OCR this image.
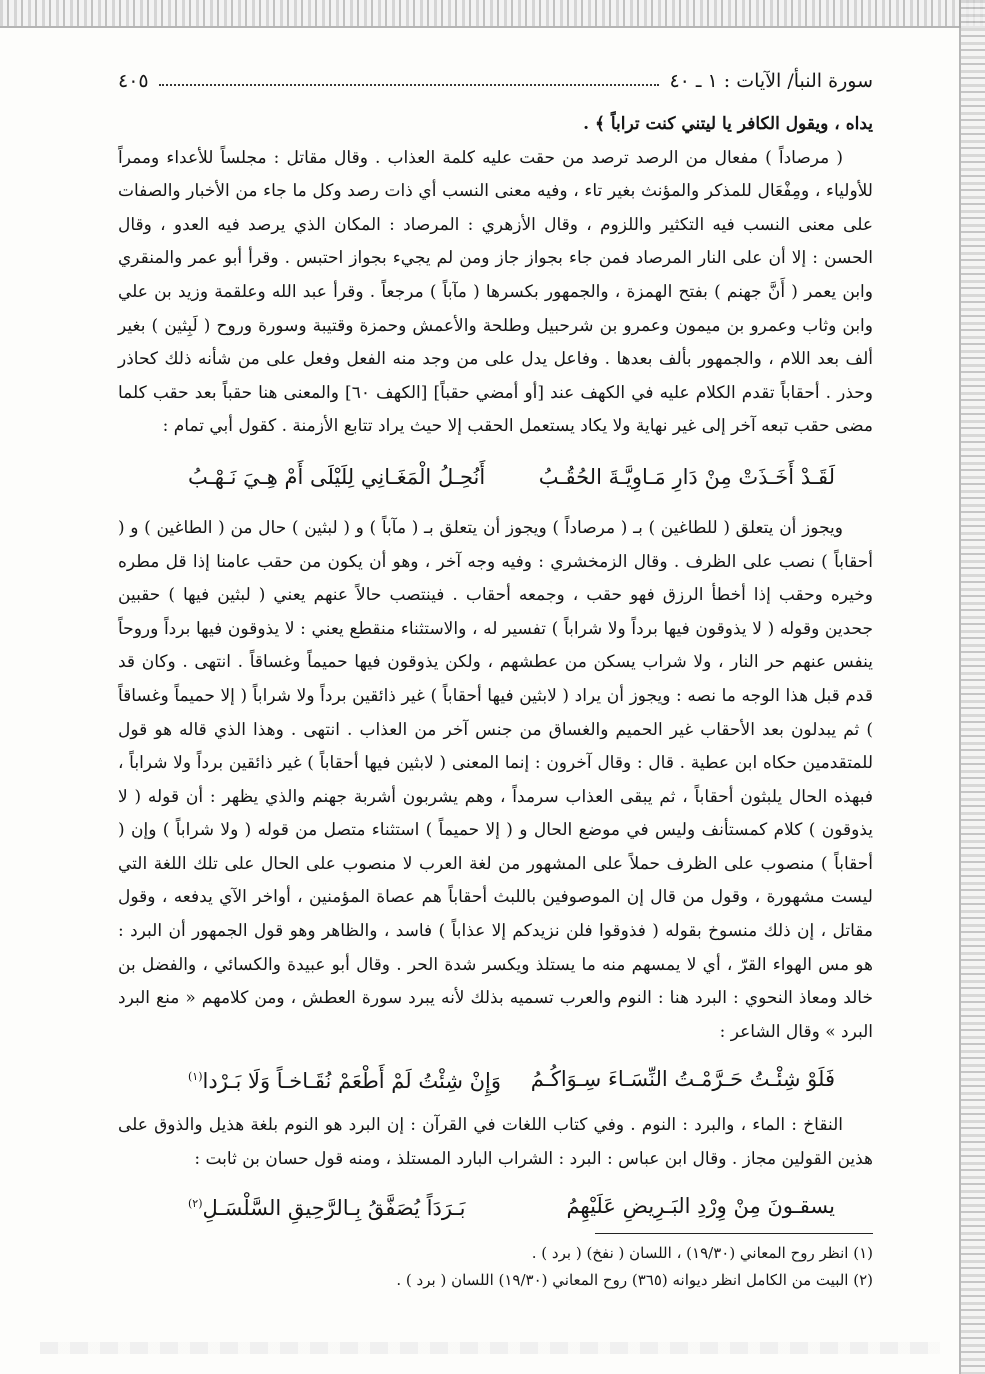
سورة النبأ/ الآيات : ١ ـ ٤٠
٤٠٥

يداه ، ويقول الكافر يا ليتني كنت تراباً ﴾ .

( مرصاداً ) مفعال من الرصد ترصد من حقت عليه كلمة العذاب . وقال مقاتل : مجلساً للأعداء وممراً للأولياء ، ومِفْعَال للمذكر والمؤنث بغير تاء ، وفيه معنى النسب أي ذات رصد وكل ما جاء من الأخبار والصفات على معنى النسب فيه التكثير واللزوم ، وقال الأزهري : المرصاد : المكان الذي يرصد فيه العدو ، وقال الحسن : إلا أن على النار المرصاد فمن جاء بجواز جاز ومن لم يجيء بجواز احتبس . وقرأ أبو عمر والمنقري وابن يعمر ( أَنَّ جهنم ) بفتح الهمزة ، والجمهور بكسرها ( مآباً ) مرجعاً . وقرأ عبد الله وعلقمة وزيد بن علي وابن وثاب وعمرو بن ميمون وعمرو بن شرحبيل وطلحة والأعمش وحمزة وقتيبة وسورة وروح ( لَبِثين ) بغير ألف بعد اللام ، والجمهور بألف بعدها . وفاعل يدل على من وجد منه الفعل وفعل على من شأنه ذلك كحاذر وحذر . أحقاباً تقدم الكلام عليه في الكهف عند [أو أمضي حقباً] [الكهف ٦٠] والمعنى هنا حقباً بعد حقب كلما مضى حقب تبعه آخر إلى غير نهاية ولا يكاد يستعمل الحقب إلا حيث يراد تتابع الأزمنة . كقول أبي تمام :

لَقَـدْ أَخَـذَتْ مِنْ دَارِ مَـاوِيَّـةَ الحُقُـبُ
أَنُحِـلُ الْمَغَـانِي لِلَيْلَى أَمْ هِـيَ نَـهْـبُ

ويجوز أن يتعلق ( للطاغين ) بـ ( مرصاداً ) ويجوز أن يتعلق بـ ( مآباً ) و ( لبثين ) حال من ( الطاغين ) و ( أحقاباً ) نصب على الظرف . وقال الزمخشري : وفيه وجه آخر ، وهو أن يكون من حقب عامنا إذا قل مطره وخيره وحقب إذا أخطأ الرزق فهو حقب ، وجمعه أحقاب . فينتصب حالاً عنهم يعني ( لبثين فيها ) حقبين جحدين وقوله ( لا يذوقون فيها برداً ولا شراباً ) تفسير له ، والاستثناء منقطع يعني : لا يذوقون فيها برداً وروحاً ينفس عنهم حر النار ، ولا شراب يسكن من عطشهم ، ولكن يذوقون فيها حميماً وغساقاً . انتهى . وكان قد قدم قبل هذا الوجه ما نصه : ويجوز أن يراد ( لابثين فيها أحقاباً ) غير ذائقين برداً ولا شراباً ( إلا حميماً وغساقاً ) ثم يبدلون بعد الأحقاب غير الحميم والغساق من جنس آخر من العذاب . انتهى . وهذا الذي قاله هو قول للمتقدمين حكاه ابن عطية . قال : وقال آخرون : إنما المعنى ( لابثين فيها أحقاباً ) غير ذائقين برداً ولا شراباً ، فبهذه الحال يلبثون أحقاباً ، ثم يبقى العذاب سرمداً ، وهم يشربون أشربة جهنم والذي يظهر : أن قوله ( لا يذوقون ) كلام كمستأنف وليس في موضع الحال و ( إلا حميماً ) استثناء متصل من قوله ( ولا شراباً ) وإن ( أحقاباً ) منصوب على الظرف حملاً على المشهور من لغة العرب لا منصوب على الحال على تلك اللغة التي ليست مشهورة ، وقول من قال إن الموصوفين باللبث أحقاباً هم عصاة المؤمنين ، أواخر الآي يدفعه ، وقول مقاتل ، إن ذلك منسوخ بقوله ( فذوقوا فلن نزيدكم إلا عذاباً ) فاسد ، والظاهر وهو قول الجمهور أن البرد : هو مس الهواء القرّ ، أي لا يمسهم منه ما يستلذ ويكسر شدة الحر . وقال أبو عبيدة والكسائي ، والفضل بن خالد ومعاذ النحوي : البرد هنا : النوم والعرب تسميه بذلك لأنه يبرد سورة العطش ، ومن كلامهم « منع البرد البرد » وقال الشاعر :

فَلَوْ شِئْـتُ حَـرَّمْـتُ النِّسَـاءَ سِـوَاكُـمُ
وَإِنْ شِئْتُ لَمْ أَطْعَمْ نُقَـاخـاً وَلَا بَـرْدا$^{(١)}$

النقاخ : الماء ، والبرد : النوم . وفي كتاب اللغات في القرآن : إن البرد هو النوم بلغة هذيل والذوق على هذين القولين مجاز . وقال ابن عباس : البرد : الشراب البارد المستلذ ، ومنه قول حسان بن ثابت :

يسقـونَ مِنْ وِرْدِ البَـرِيضِ عَلَيْهِمُ
بَـرَدَاً يُصَفَّقُ بِـالرَّحِيقِ السَّلْسَـلِ$^{(٢)}$

(١) انظر روح المعاني (١٩/٣٠) ، اللسان ( نفخ) ( برد ) .

(٢) البيت من الكامل انظر ديوانه (٣٦٥) روح المعاني (١٩/٣٠) اللسان ( برد ) .
